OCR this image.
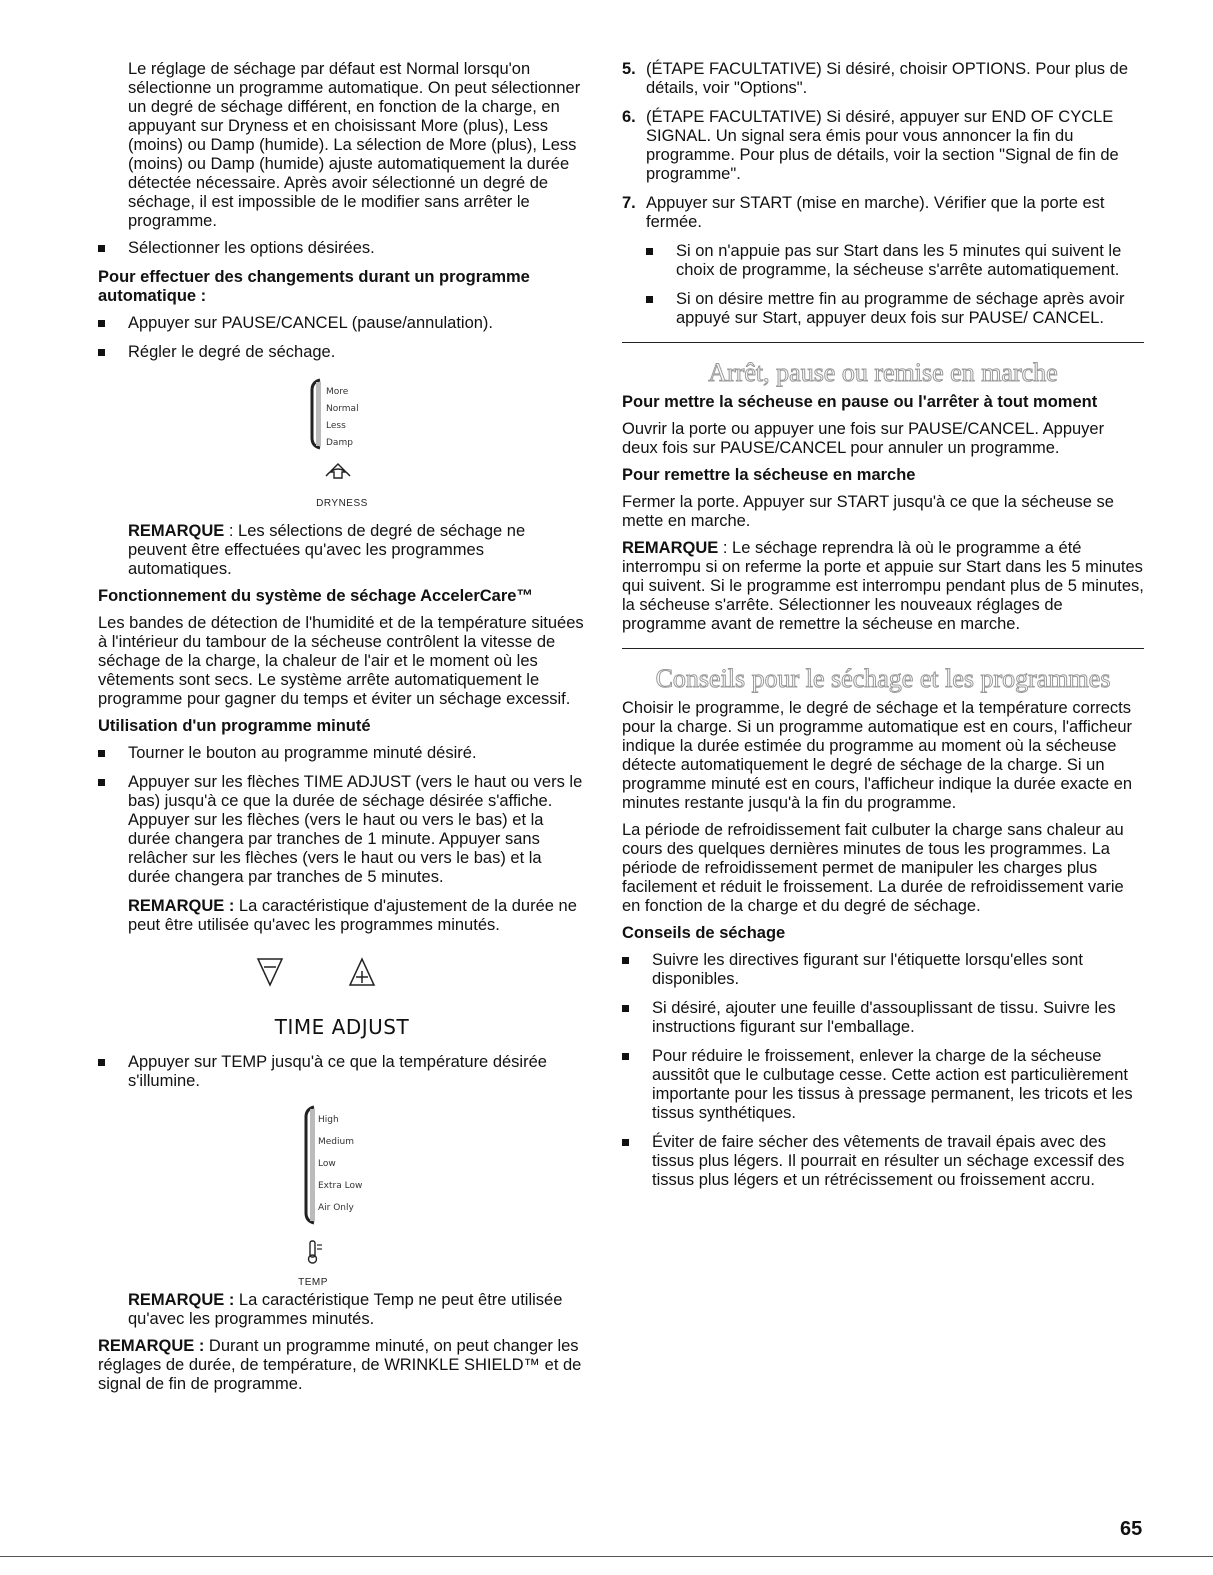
Le réglage de séchage par défaut est Normal lorsqu'on sélectionne un programme automatique. On peut sélectionner un degré de séchage différent, en fonction de la charge, en appuyant sur Dryness et en choisissant More (plus), Less (moins) ou Damp (humide). La sélection de More (plus), Less (moins) ou Damp (humide) ajuste automatiquement la durée détectée nécessaire. Après avoir sélectionné un degré de séchage, il est impossible de le modifier sans arrêter le programme.

Sélectionner les options désirées.
Pour effectuer des changements durant un programme automatique :
Appuyer sur PAUSE/CANCEL (pause/annulation).
Régler le degré de séchage.
More
Normal
Less
Damp
DRYNESS

REMARQUE : Les sélections de degré de séchage ne peuvent être effectuées qu'avec les programmes automatiques.

Fonctionnement du système de séchage AccelerCare™

Les bandes de détection de l'humidité et de la température situées à l'intérieur du tambour de la sécheuse contrôlent la vitesse de séchage de la charge, la chaleur de l'air et le moment où les vêtements sont secs. Le système arrête automatiquement le programme pour gagner du temps et éviter un séchage excessif.

Utilisation d'un programme minuté
Tourner le bouton au programme minuté désiré.
Appuyer sur les flèches TIME ADJUST (vers le haut ou vers le bas) jusqu'à ce que la durée de séchage désirée s'affiche. Appuyer sur les flèches (vers le haut ou vers le bas) et la durée changera par tranches de 1 minute. Appuyer sans relâcher sur les flèches (vers le haut ou vers le bas) et la durée changera par tranches de 5 minutes.

REMARQUE : La caractéristique d'ajustement de la durée ne peut être utilisée qu'avec les programmes minutés.

TIME ADJUST
Appuyer sur TEMP jusqu'à ce que la température désirée s'illumine.
High
Medium
Low
Extra Low
Air Only
TEMP

REMARQUE : La caractéristique Temp ne peut être utilisée qu'avec les programmes minutés.

REMARQUE : Durant un programme minuté, on peut changer les réglages de durée, de température, de WRINKLE SHIELD™ et de signal de fin de programme.

5. (ÉTAPE FACULTATIVE) Si désiré, choisir OPTIONS. Pour plus de détails, voir "Options".
6. (ÉTAPE FACULTATIVE) Si désiré, appuyer sur END OF CYCLE SIGNAL. Un signal sera émis pour vous annoncer la fin du programme. Pour plus de détails, voir la section "Signal de fin de programme".
7. Appuyer sur START (mise en marche). Vérifier que la porte est fermée.
Si on n'appuie pas sur Start dans les 5 minutes qui suivent le choix de programme, la sécheuse s'arrête automatiquement.
Si on désire mettre fin au programme de séchage après avoir appuyé sur Start, appuyer deux fois sur PAUSE/ CANCEL.
Arrêt, pause ou remise en marche
Pour mettre la sécheuse en pause ou l'arrêter à tout moment

Ouvrir la porte ou appuyer une fois sur PAUSE/CANCEL. Appuyer deux fois sur PAUSE/CANCEL pour annuler un programme.

Pour remettre la sécheuse en marche

Fermer la porte. Appuyer sur START jusqu'à ce que la sécheuse se mette en marche.

REMARQUE : Le séchage reprendra là où le programme a été interrompu si on referme la porte et appuie sur Start dans les 5 minutes qui suivent. Si le programme est interrompu pendant plus de 5 minutes, la sécheuse s'arrête. Sélectionner les nouveaux réglages de programme avant de remettre la sécheuse en marche.

Conseils pour le séchage et les programmes

Choisir le programme, le degré de séchage et la température corrects pour la charge. Si un programme automatique est en cours, l'afficheur indique la durée estimée du programme au moment où la sécheuse détecte automatiquement le degré de séchage de la charge. Si un programme minuté est en cours, l'afficheur indique la durée exacte en minutes restante jusqu'à la fin du programme.

La période de refroidissement fait culbuter la charge sans chaleur au cours des quelques dernières minutes de tous les programmes. La période de refroidissement permet de manipuler les charges plus facilement et réduit le froissement. La durée de refroidissement varie en fonction de la charge et du degré de séchage.

Conseils de séchage
Suivre les directives figurant sur l'étiquette lorsqu'elles sont disponibles.
Si désiré, ajouter une feuille d'assouplissant de tissu. Suivre les instructions figurant sur l'emballage.
Pour réduire le froissement, enlever la charge de la sécheuse aussitôt que le culbutage cesse. Cette action est particulièrement importante pour les tissus à pressage permanent, les tricots et les tissus synthétiques.
Éviter de faire sécher des vêtements de travail épais avec des tissus plus légers. Il pourrait en résulter un séchage excessif des tissus plus légers et un rétrécissement ou froissement accru.
65
